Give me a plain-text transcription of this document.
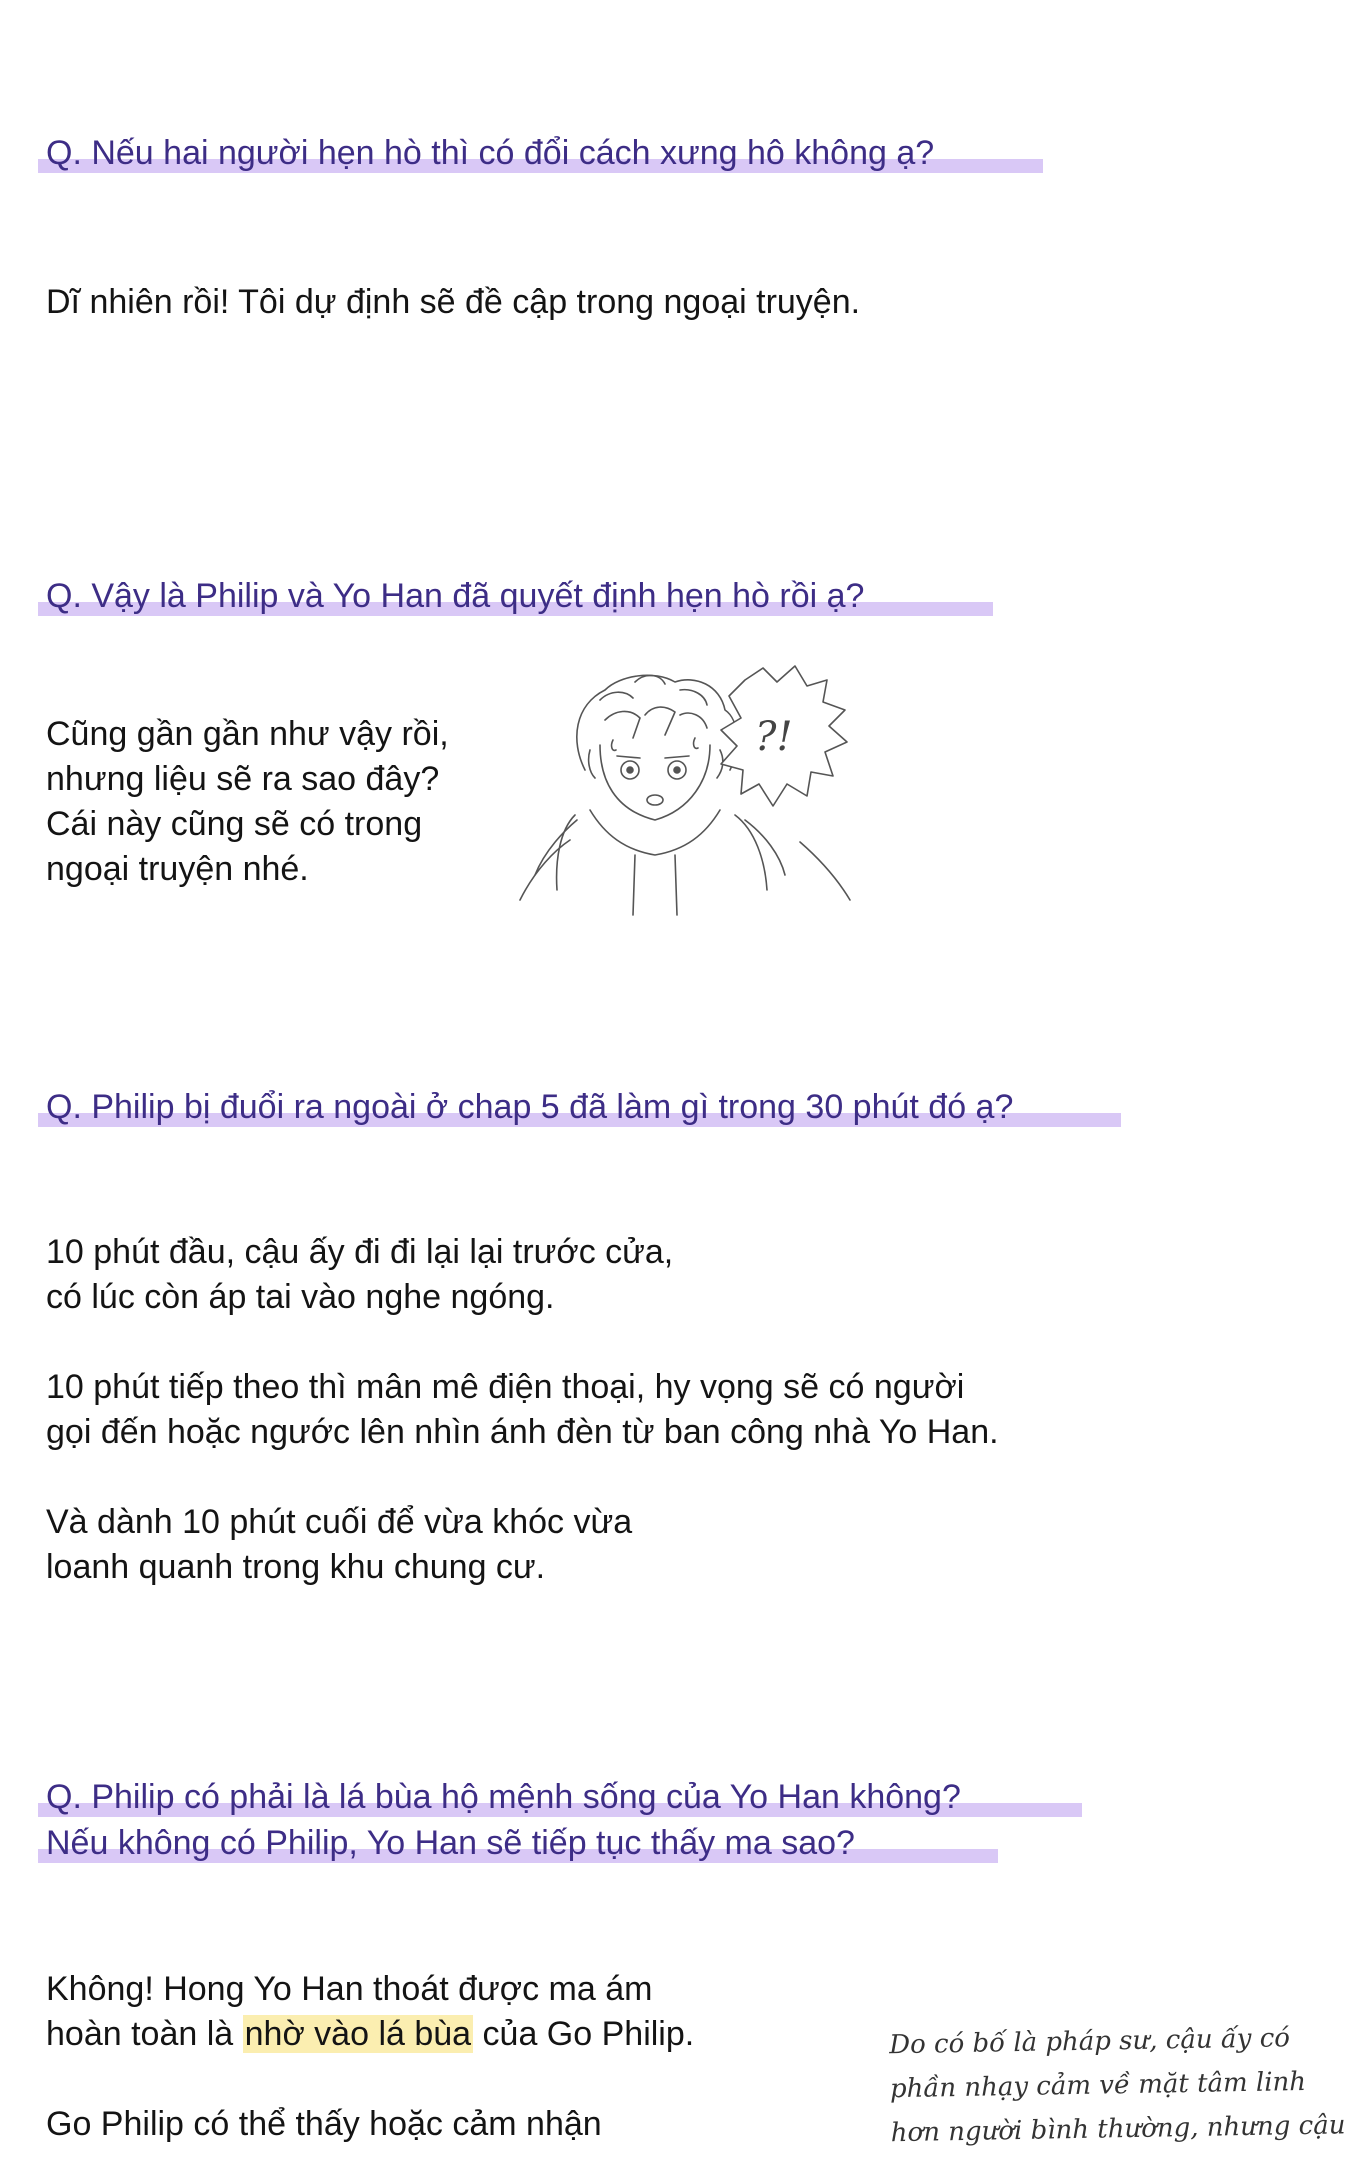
Q. Nếu hai người hẹn hò thì có đổi cách xưng hô không ạ?

Dĩ nhiên rồi! Tôi dự định sẽ đề cập trong ngoại truyện.

Q. Vậy là Philip và Yo Han đã quyết định hẹn hò rồi ạ?

Cũng gần gần như vậy rồi,

nhưng liệu sẽ ra sao đây?

Cái này cũng sẽ có trong

ngoại truyện nhé.

?!
Q. Philip bị đuổi ra ngoài ở chap 5 đã làm gì trong 30 phút đó ạ?

10 phút đầu, cậu ấy đi đi lại lại trước cửa,

có lúc còn áp tai vào nghe ngóng.

10 phút tiếp theo thì mân mê điện thoại, hy vọng sẽ có người

gọi đến hoặc ngước lên nhìn ánh đèn từ ban công nhà Yo Han.

Và dành 10 phút cuối để vừa khóc vừa

loanh quanh trong khu chung cư.

Q. Philip có phải là lá bùa hộ mệnh sống của Yo Han không?
Nếu không có Philip, Yo Han sẽ tiếp tục thấy ma sao?

Không! Hong Yo Han thoát được ma ám

hoàn toàn là nhờ vào lá bùa của Go Philip.

Go Philip có thể thấy hoặc cảm nhận

Do có bố là pháp sư, cậu ấy có

phần nhạy cảm về mặt tâm linh

hơn người bình thường, nhưng cậu
